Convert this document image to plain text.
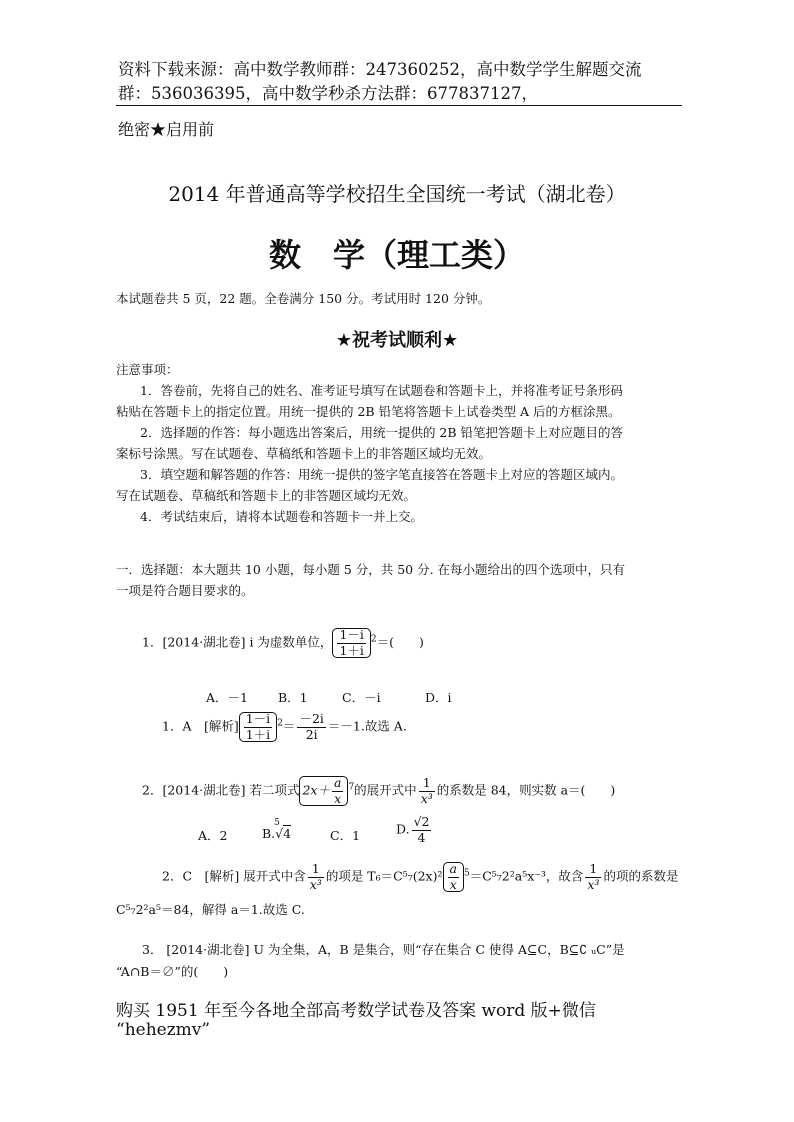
资料下载来源：高中数学教师群：247360252，高中数学学生解题交流
群：536036395，高中数学秒杀方法群：677837127，
绝密★启用前
2014 年普通高等学校招生全国统一考试（湖北卷）
数　学（理工类）
本试题卷共 5 页，22 题。全卷满分 150 分。考试用时 120 分钟。
★祝考试顺利★
注意事项：
1．答卷前，先将自己的姓名、准考证号填写在试题卷和答题卡上，并将准考证号条形码
粘贴在答题卡上的指定位置。用统一提供的 2B 铅笔将答题卡上试卷类型 A 后的方框涂黑。
2．选择题的作答：每小题选出答案后，用统一提供的 2B 铅笔把答题卡上对应题目的答
案标号涂黑。写在试题卷、草稿纸和答题卡上的非答题区域均无效。
3．填空题和解答题的作答：用统一提供的签字笔直接答在答题卡上对应的答题区域内。
写在试题卷、草稿纸和答题卡上的非答题区域均无效。
4．考试结束后，请将本试题卷和答题卡一并上交。
一．选择题：本大题共 10 小题，每小题 5 分，共 50 分. 在每小题给出的四个选项中，只有
一项是符合题目要求的。
1．[2014·湖北卷] i 为虚数单位， $\frac{1-i}{1+i} ^2=$(　　)
A．－1 B．1	C．－i	D．i
1．A　[解析] $\frac{1-i}{1+i} ^2= \frac{-2i}{2i} =-1$.故选 A.
2．[2014·湖北卷] 若二项式 $2x+ \frac{a}{x} ^7$的展开式中 $\frac{1}{\text{x³}}$ 的系数是 84，则实数 a＝(　　)
A．2	B.
5
√4	C．1	D. $\frac{√2}{4}$
2．C　[解析] 展开式中含 $\frac{1}{\text{x³}}$ 的项是 $T_6=C^5_7(2x)^2 \frac{a}{x} ^5=C^5_72^2a^5x^{-3}$，故含 $\frac{1}{\text{x³}}$ 的项的系数是
C⁵₇2²a⁵＝84，解得 a＝1.故选 C.
3． [2014·湖北卷] U 为全集，A，B 是集合，则“存在集合 C 使得 A⊆C，B⊆∁ ᵤC”是
“A∩B＝∅”的(　　)
购买 1951 年至今各地全部高考数学试卷及答案 word 版+微信
“hehezmv”
